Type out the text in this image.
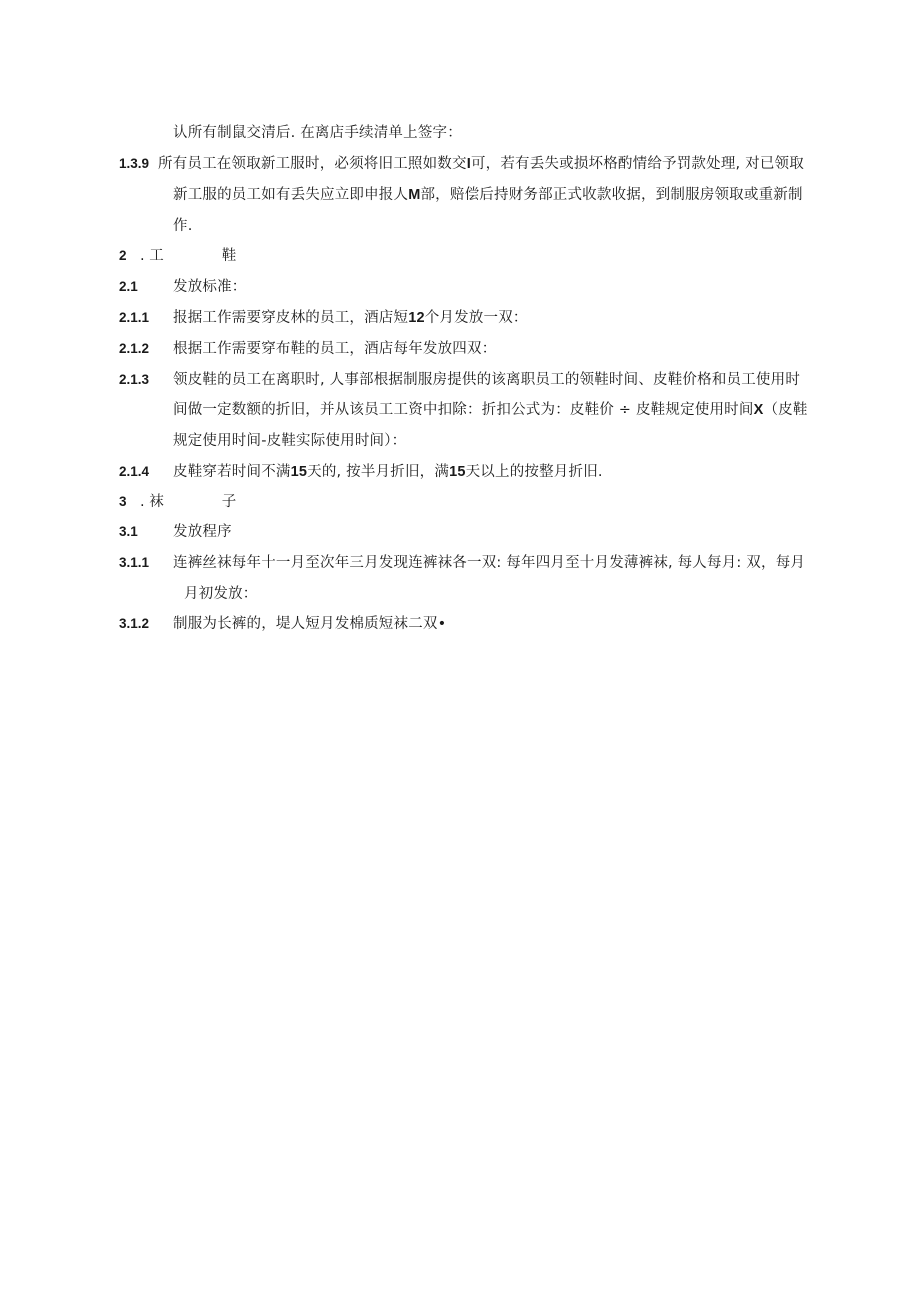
认所有制鼠交清后. 在离店手续清单上签字：
1.3.9 所有员工在领取新工服时，必须将旧工照如数交I可，若有丢失或损坏格酌情给予罚款处理, 对已领取
新工服的员工如有丢失应立即申报人M部，赔偿后持财务部正式收款收据，到制服房领取或重新制
作.
2 . 工　　　　鞋
2.1 发放标准：
2.1.1 报据工作需要穿皮林的员工，酒店短12个月发放一双：
2.1.2 根据工作需要穿布鞋的员工，酒店每年发放四双：
2.1.3 领皮鞋的员工在离职时, 人事部根据制服房提供的该离职员工的领鞋时间、皮鞋价格和员工使用时
间做一定数额的折旧，并从该员工工资中扣除：折扣公式为：皮鞋价 ÷ 皮鞋规定使用时间X（皮鞋
规定使用时间-皮鞋实际使用时间）：
2.1.4 皮鞋穿若时间不满15天的, 按半月折旧，满15天以上的按整月折旧.
3 . 袜　　　　子
3.1 发放程序
3.1.1 连裤丝袜每年十一月至次年三月发现连裤袜各一双: 每年四月至十月发薄裤袜, 每人每月: 双，每月
月初发放：
3.1.2 制服为长裤的，堤人短月发棉质短袜二双•
